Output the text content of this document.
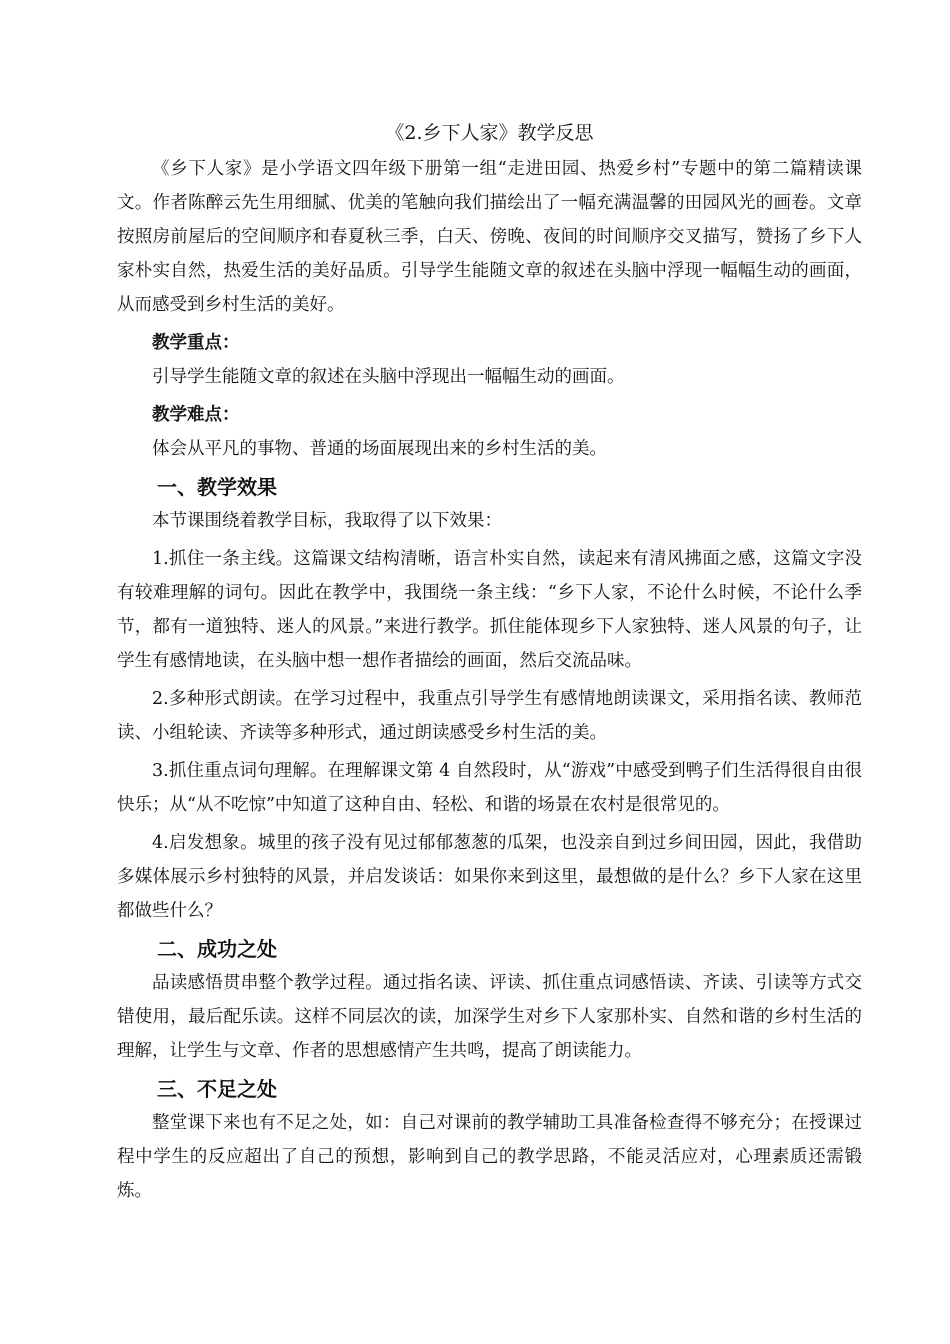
《2.乡下人家》教学反思

《乡下人家》是小学语文四年级下册第一组“走进田园、热爱乡村”专题中的第二篇精读课文。作者陈醉云先生用细腻、优美的笔触向我们描绘出了一幅充满温馨的田园风光的画卷。文章按照房前屋后的空间顺序和春夏秋三季，白天、傍晚、夜间的时间顺序交叉描写，赞扬了乡下人家朴实自然，热爱生活的美好品质。引导学生能随文章的叙述在头脑中浮现一幅幅生动的画面，从而感受到乡村生活的美好。

教学重点：

引导学生能随文章的叙述在头脑中浮现出一幅幅生动的画面。

教学难点：

体会从平凡的事物、普通的场面展现出来的乡村生活的美。

一、教学效果

本节课围绕着教学目标，我取得了以下效果：

1.抓住一条主线。这篇课文结构清晰，语言朴实自然，读起来有清风拂面之感，这篇文字没有较难理解的词句。因此在教学中，我围绕一条主线：“乡下人家，不论什么时候，不论什么季节，都有一道独特、迷人的风景。”来进行教学。抓住能体现乡下人家独特、迷人风景的句子，让学生有感情地读，在头脑中想一想作者描绘的画面，然后交流品味。

2.多种形式朗读。在学习过程中，我重点引导学生有感情地朗读课文，采用指名读、教师范读、小组轮读、齐读等多种形式，通过朗读感受乡村生活的美。

3.抓住重点词句理解。在理解课文第 4 自然段时，从“游戏”中感受到鸭子们生活得很自由很快乐；从“从不吃惊”中知道了这种自由、轻松、和谐的场景在农村是很常见的。

4.启发想象。城里的孩子没有见过郁郁葱葱的瓜架，也没亲自到过乡间田园，因此，我借助多媒体展示乡村独特的风景，并启发谈话：如果你来到这里，最想做的是什么？乡下人家在这里都做些什么？

二、成功之处

品读感悟贯串整个教学过程。通过指名读、评读、抓住重点词感悟读、齐读、引读等方式交错使用，最后配乐读。这样不同层次的读，加深学生对乡下人家那朴实、自然和谐的乡村生活的理解，让学生与文章、作者的思想感情产生共鸣，提高了朗读能力。

三、不足之处

整堂课下来也有不足之处，如：自己对课前的教学辅助工具准备检查得不够充分；在授课过程中学生的反应超出了自己的预想，影响到自己的教学思路，不能灵活应对，心理素质还需锻炼。
